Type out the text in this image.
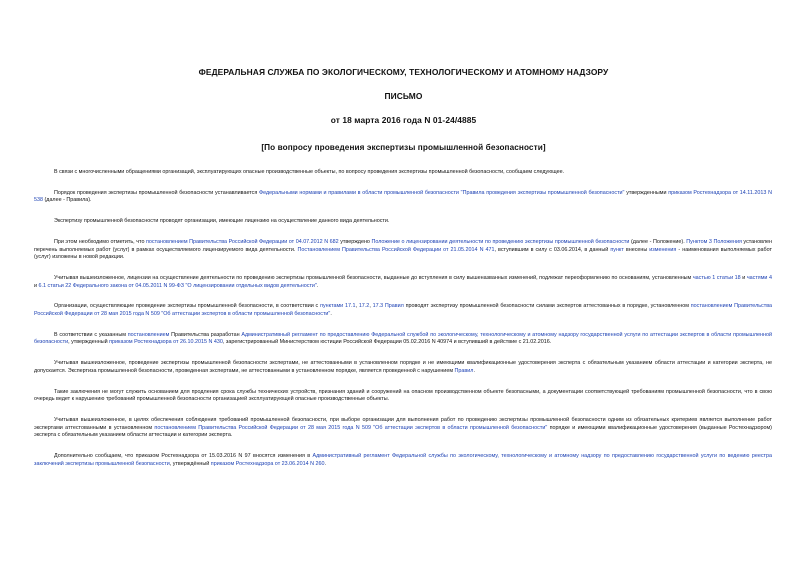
ФЕДЕРАЛЬНАЯ СЛУЖБА ПО ЭКОЛОГИЧЕСКОМУ, ТЕХНОЛОГИЧЕСКОМУ И АТОМНОМУ НАДЗОРУ
ПИСЬМО
от 18 марта 2016 года N 01-24/4885
[По вопросу проведения экспертизы промышленной безопасности]

В связи с многочисленными обращениями организаций, эксплуатирующих опасные производственные объекты, по вопросу проведения экспертизы промышленной безопасности, сообщаем следующее.

Порядок проведения экспертизы промышленной безопасности устанавливается Федеральными нормами и правилами в области промышленной безопасности "Правила проведения экспертизы промышленной безопасности" утвержденными приказом Ростехнадзора от 14.11.2013 N 538 (далее - Правила).

Экспертизу промышленной безопасности проводят организации, имеющие лицензию на осуществление данного вида деятельности.

При этом необходимо отметить, что постановлением Правительства Российской Федерации от 04.07.2012 N 682 утверждено Положение о лицензировании деятельности по проведению экспертизы промышленной безопасности (далее - Положение). Пунктом 3 Положения установлен перечень выполняемых работ (услуг) в рамках осуществляемого лицензируемого вида деятельности. Постановлением Правительства Российской Федерации от 21.05.2014 N 471, вступившим в силу с 03.06.2014, в данный пункт внесены изменения - наименования выполняемых работ (услуг) изложены в новой редакции.

Учитывая вышеизложенное, лицензии на осуществление деятельности по проведению экспертизы промышленной безопасности, выданные до вступления в силу вышеназванных изменений, подлежат переоформлению по основаниям, установленным частью 1 статьи 18 и частями 4 и 6.1 статьи 22 Федерального закона от 04.05.2011 N 99-ФЗ "О лицензировании отдельных видов деятельности".

Организации, осуществляющие проведение экспертизы промышленной безопасности, в соответствии с пунктами 17.1, 17.2, 17.3 Правил проводят экспертизу промышленной безопасности силами экспертов аттестованных в порядке, установленном постановлением Правительства Российской Федерации от 28 мая 2015 года N 509 "Об аттестации экспертов в области промышленной безопасности".

В соответствии с указанным постановлением Правительства разработан Административный регламент по предоставлению Федеральной службой по экологическому, технологическому и атомному надзору государственной услуги по аттестации экспертов в области промышленной безопасности, утвержденный приказом Ростехнадзора от 26.10.2015 N 430, зарегистрированный Министерством юстиции Российской Федерации 05.02.2016 N 40974 и вступивший в действие с 21.02.2016.

Учитывая вышеизложенное, проведение экспертизы промышленной безопасности экспертами, не аттестованными в установленном порядке и не имеющими квалификационные удостоверения эксперта с обязательным указанием области аттестации и категории эксперта, не допускается. Экспертиза промышленной безопасности, проведенная экспертами, не аттестованными в установленном порядке, является проведенной с нарушением Правил.

Такие заключения не могут служить основанием для продления срока службы технических устройств, признания зданий и сооружений на опасном производственном объекте безопасными, а документации соответствующей требованиям промышленной безопасности, что в свою очередь ведет к нарушению требований промышленной безопасности организацией эксплуатирующей опасные производственные объекты.

Учитывая вышеизложенное, в целях обеспечения соблюдения требований промышленной безопасности, при выборе организации для выполнения работ по проведению экспертизы промышленной безопасности одним из обязательных критериев является выполнение работ экспертами аттестованными в установленном постановлением Правительства Российской Федерации от 28 мая 2015 года N 509 "Об аттестации экспертов в области промышленной безопасности" порядке и имеющими квалификационные удостоверения (выданные Ростехнадзором) эксперта с обязательным указанием области аттестации и категории эксперта.

Дополнительно сообщаем, что приказом Ростехнадзора от 15.03.2016 N 97 вносятся изменения в Административный регламент Федеральной службы по экологическому, технологическому и атомному надзору по предоставлению государственной услуги по ведению реестра заключений экспертизы промышленной безопасности, утверждённый приказом Ростехнадзора от 23.06.2014 N 260.
